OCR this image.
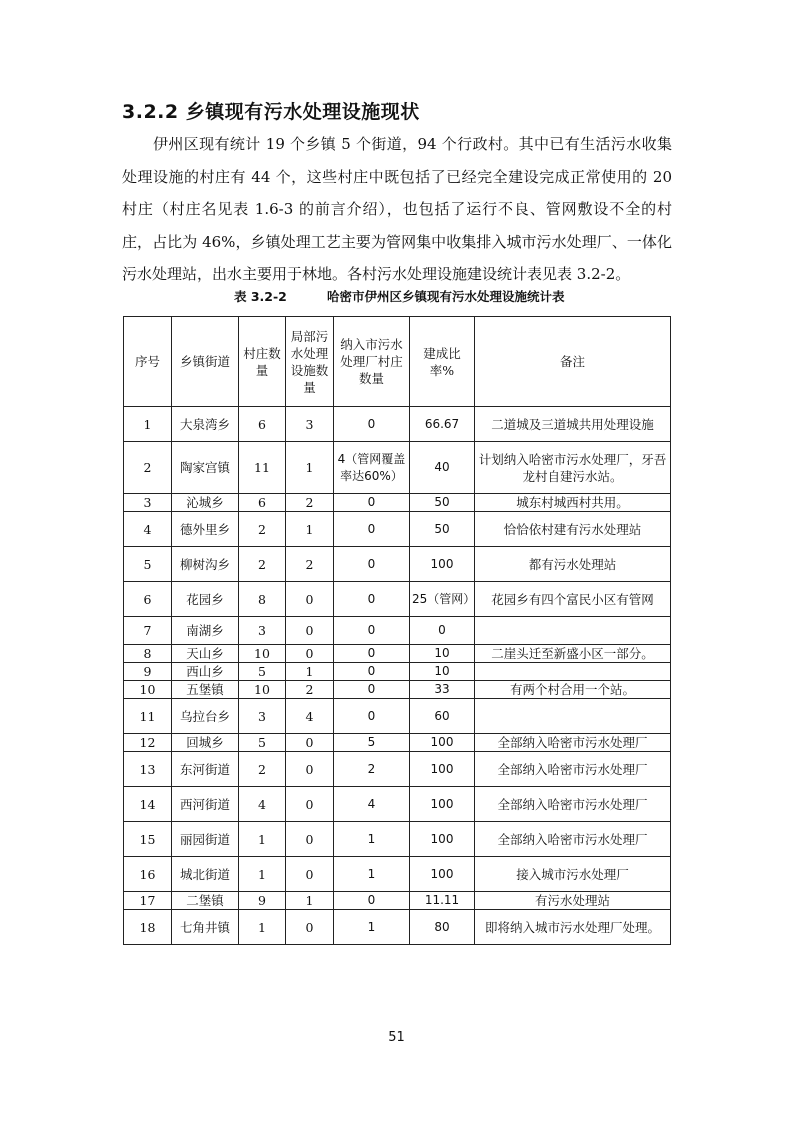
3.2.2 乡镇现有污水处理设施现状

伊州区现有统计 19 个乡镇 5 个街道，94 个行政村。其中已有生活污水收集处理设施的村庄有 44 个，这些村庄中既包括了已经完全建设完成正常使用的 20 村庄（村庄名见表 1.6-3 的前言介绍），也包括了运行不良、管网敷设不全的村庄，占比为 46%，乡镇处理工艺主要为管网集中收集排入城市污水处理厂、一体化污水处理站，出水主要用于林地。各村污水处理设施建设统计表见表 3.2-2。

表 3.2-2	哈密市伊州区乡镇现有污水处理设施统计表
序号	乡镇街道	村庄数量	局部污水处理设施数量	纳入市污水处理厂村庄数量	建成比率%	备注
1	大泉湾乡	6	3	0	66.67	二道城及三道城共用处理设施
2	陶家宫镇	11	1	4（管网覆盖率达60%）	40	计划纳入哈密市污水处理厂，牙吾龙村自建污水站。
3	沁城乡	6	2	0	50	城东村城西村共用。
4	德外里乡	2	1	0	50	恰恰依村建有污水处理站
5	柳树沟乡	2	2	0	100	都有污水处理站
6	花园乡	8	0	0	25（管网）	花园乡有四个富民小区有管网
7	南湖乡	3	0	0	0	
8	天山乡	10	0	0	10	二崖头迁至新盛小区一部分。
9	西山乡	5	1	0	10	
10	五堡镇	10	2	0	33	有两个村合用一个站。
11	乌拉台乡	3	4	0	60	
12	回城乡	5	0	5	100	全部纳入哈密市污水处理厂
13	东河街道	2	0	2	100	全部纳入哈密市污水处理厂
14	西河街道	4	0	4	100	全部纳入哈密市污水处理厂
15	丽园街道	1	0	1	100	全部纳入哈密市污水处理厂
16	城北街道	1	0	1	100	接入城市污水处理厂
17	二堡镇	9	1	0	11.11	有污水处理站
18	七角井镇	1	0	1	80	即将纳入城市污水处理厂处理。
51
